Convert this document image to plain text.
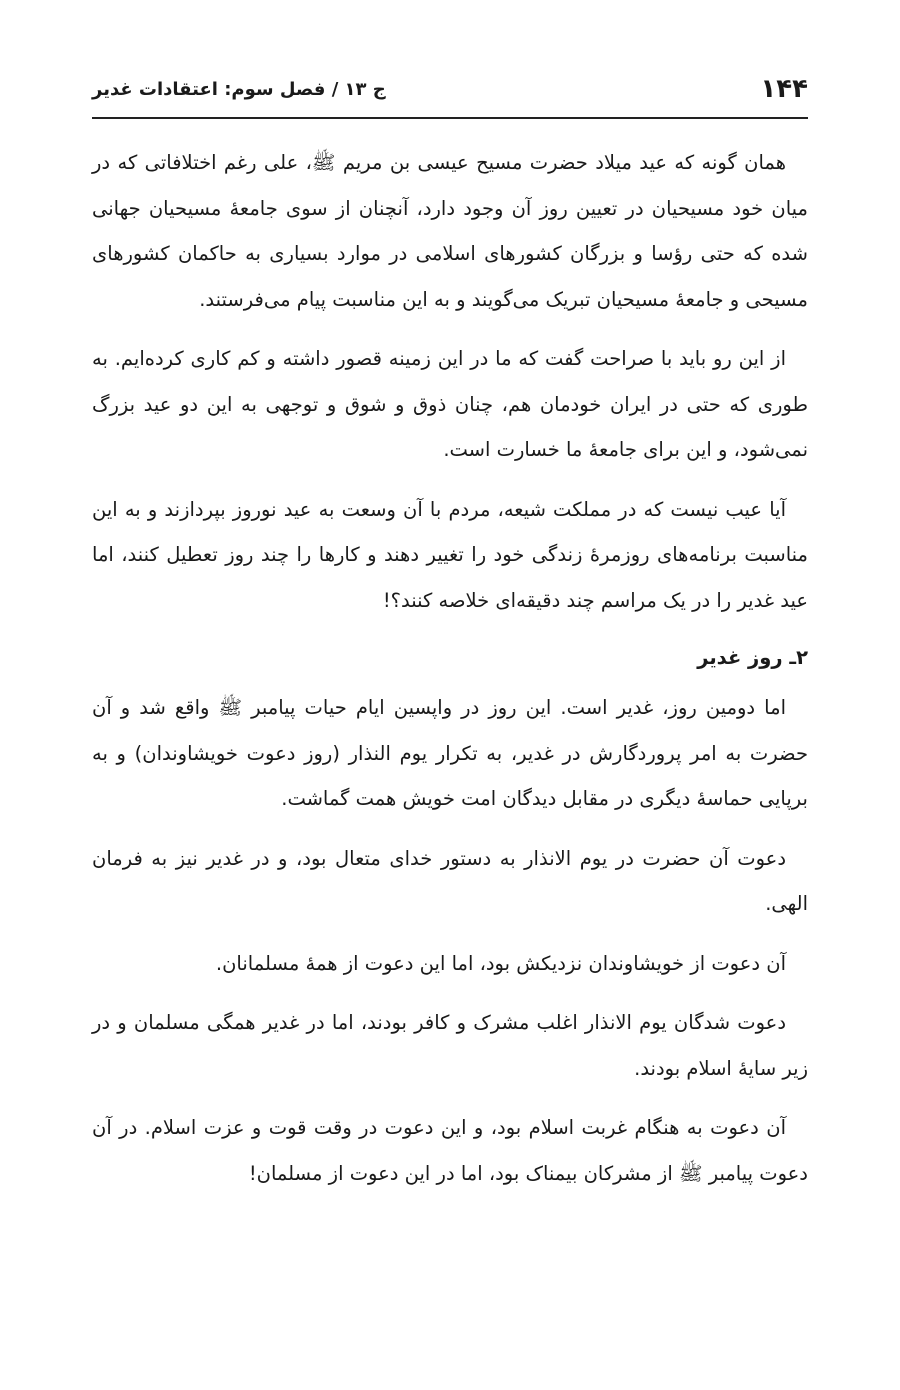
۱۴۴
ج ۱۳ / فصل سوم: اعتقادات غدیر

همان گونه که عید میلاد حضرت مسیح عیسی بن مریم ﷺ، علی رغم اختلافاتی که در میان خود مسیحیان در تعیین روز آن وجود دارد، آنچنان از سوی جامعهٔ مسیحیان جهانی شده که حتی رؤسا و بزرگان کشورهای اسلامی در موارد بسیاری به حاکمان کشورهای مسیحی و جامعهٔ مسیحیان تبریک می‌گویند و به این مناسبت پیام می‌فرستند.

از این رو باید با صراحت گفت که ما در این زمینه قصور داشته و کم کاری کرده‌ایم. به طوری که حتی در ایران خودمان هم، چنان ذوق و شوق و توجهی به این دو عید بزرگ نمی‌شود، و این برای جامعهٔ ما خسارت است.

آیا عیب نیست که در مملکت شیعه، مردم با آن وسعت به عید نوروز بپردازند و به این مناسبت برنامه‌های روزمرهٔ زندگی خود را تغییر دهند و کارها را چند روز تعطیل کنند، اما عید غدیر را در یک مراسم چند دقیقه‌ای خلاصه کنند؟!

۲ـ روز غدیر

اما دومین روز، غدیر است. این روز در واپسین ایام حیات پیامبر ﷺ واقع شد و آن حضرت به امر پروردگارش در غدیر، به تکرار یوم النذار (روز دعوت خویشاوندان) و به برپایی حماسهٔ دیگری در مقابل دیدگان امت خویش همت گماشت.

دعوت آن حضرت در یوم الانذار به دستور خدای متعال بود، و در غدیر نیز به فرمان الهی.

آن دعوت از خویشاوندان نزدیکش بود، اما این دعوت از همهٔ مسلمانان.

دعوت شدگان یوم الانذار اغلب مشرک و کافر بودند، اما در غدیر همگی مسلمان و در زیر سایهٔ اسلام بودند.

آن دعوت به هنگام غربت اسلام بود، و این دعوت در وقت قوت و عزت اسلام. در آن دعوت پیامبر ﷺ از مشرکان بیمناک بود، اما در این دعوت از مسلمان!
